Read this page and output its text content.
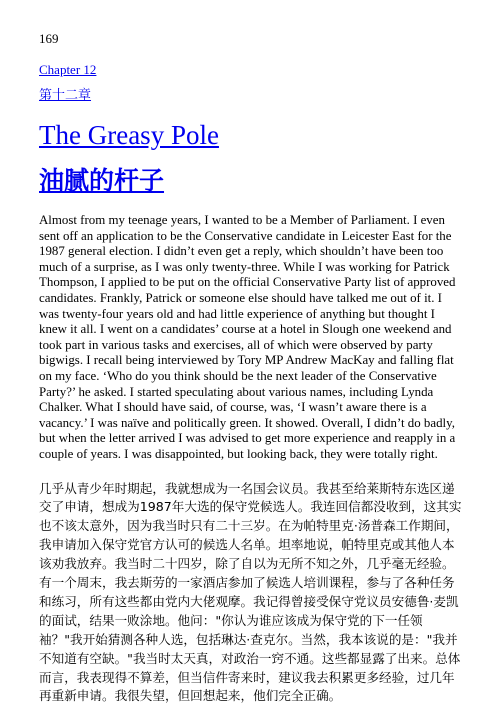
169

Chapter 12
第十二章
The Greasy Pole
油腻的杆子

Almost from my teenage years, I wanted to be a Member of Parliament. I even sent off an application to be the Conservative candidate in Leicester East for the 1987 general election. I didn’t even get a reply, which shouldn’t have been too much of a surprise, as I was only twenty-three. While I was working for Patrick Thompson, I applied to be put on the official Conservative Party list of approved candidates. Frankly, Patrick or someone else should have talked me out of it. I was twenty-four years old and had little experience of anything but thought I knew it all. I went on a candidates’ course at a hotel in Slough one weekend and took part in various tasks and exercises, all of which were observed by party bigwigs. I recall being interviewed by Tory MP Andrew MacKay and falling flat on my face. ‘Who do you think should be the next leader of the Conservative Party?’ he asked. I started speculating about various names, including Lynda Chalker. What I should have said, of course, was, ‘I wasn’t aware there is a vacancy.’ I was naïve and politically green. It showed. Overall, I didn’t do badly, but when the letter arrived I was advised to get more experience and reapply in a couple of years. I was disappointed, but looking back, they were totally right.

几乎从青少年时期起，我就想成为一名国会议员。我甚至给莱斯特东选区递交了申请，想成为1987年大选的保守党候选人。我连回信都没收到，这其实也不该太意外，因为我当时只有二十三岁。在为帕特里克·汤普森工作期间，我申请加入保守党官方认可的候选人名单。坦率地说，帕特里克或其他人本该劝我放弃。我当时二十四岁，除了自以为无所不知之外，几乎毫无经验。有一个周末，我去斯劳的一家酒店参加了候选人培训课程，参与了各种任务和练习，所有这些都由党内大佬观摩。我记得曾接受保守党议员安德鲁·麦凯的面试，结果一败涂地。他问："你认为谁应该成为保守党的下一任领袖？"我开始猜测各种人选，包括琳达·查克尔。当然，我本该说的是："我并不知道有空缺。"我当时太天真，对政治一窍不通。这些都显露了出来。总体而言，我表现得不算差，但当信件寄来时，建议我去积累更多经验，过几年再重新申请。我很失望，但回想起来，他们完全正确。
